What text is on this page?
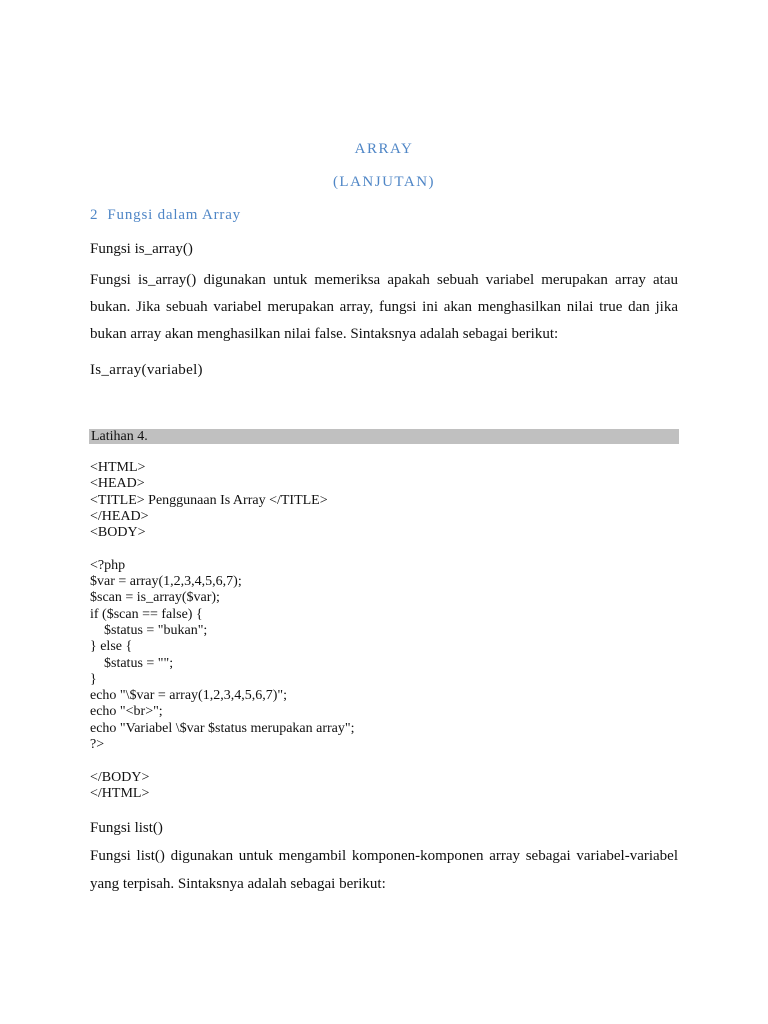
ARRAY
(LANJUTAN)
2  Fungsi dalam Array
Fungsi is_array()
Fungsi is_array() digunakan untuk memeriksa apakah sebuah variabel merupakan array atau
bukan. Jika sebuah variabel merupakan array, fungsi ini akan menghasilkan nilai true dan jika
bukan array akan menghasilkan nilai false. Sintaksnya adalah sebagai berikut:
Is_array(variabel)
Latihan 4.
<HTML>
<HEAD>
<TITLE> Penggunaan Is Array </TITLE>
</HEAD>
<BODY>
<?php
$var = array(1,2,3,4,5,6,7);
$scan = is_array($var);
if ($scan == false) {
$status = "bukan";
} else {
$status = "";
}
echo "\$var = array(1,2,3,4,5,6,7)";
echo "<br>";
echo "Variabel \$var $status merupakan array";
?>
</BODY>
</HTML>
Fungsi list()
Fungsi list() digunakan untuk mengambil komponen-komponen array sebagai variabel-variabel
yang terpisah. Sintaksnya adalah sebagai berikut:
